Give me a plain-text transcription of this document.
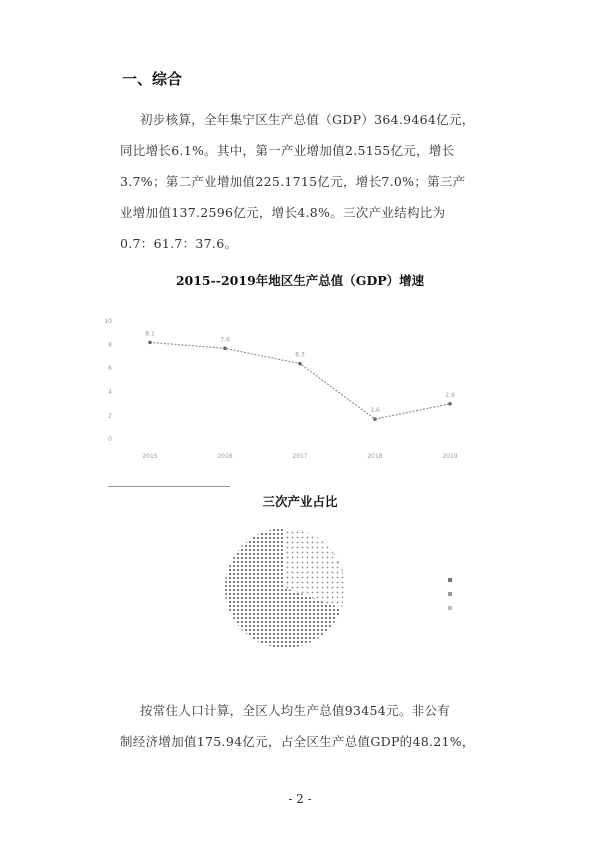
一、综合
初步核算，全年集宁区生产总值（GDP）364.9464亿元，
同比增长6.1%。其中，第一产业增加值2.5155亿元，增长
3.7%；第二产业增加值225.1715亿元，增长7.0%；第三产
业增加值137.2596亿元，增长4.8%。三次产业结构比为
0.7：61.7：37.6。
2015--2019年地区生产总值（GDP）增速
10
8
6
4
2
0
8.1
7.6
6.3
1.6
2.9
2015	2016	2017	2018	2019
三次产业占比
按常住人口计算，全区人均生产总值93454元。非公有
制经济增加值175.94亿元，占全区生产总值GDP的48.21%，
- 2 -
